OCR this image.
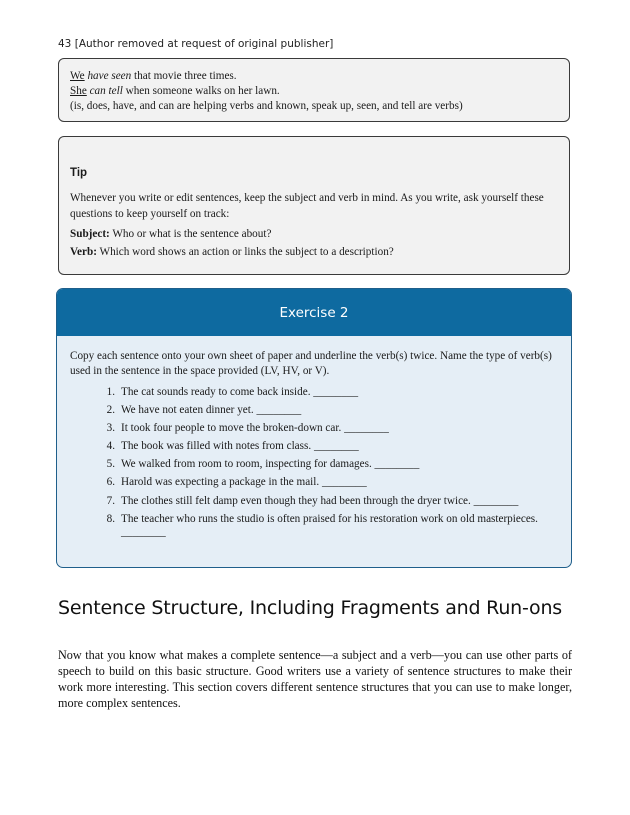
43 [Author removed at request of original publisher]
We have seen that movie three times.
She can tell when someone walks on her lawn.
(is, does, have, and can are helping verbs and known, speak up, seen, and tell are verbs)
Tip
Whenever you write or edit sentences, keep the subject and verb in mind. As you write, ask yourself these questions to keep yourself on track:
Subject: Who or what is the sentence about?
Verb: Which word shows an action or links the subject to a description?
Exercise 2
Copy each sentence onto your own sheet of paper and underline the verb(s) twice. Name the type of verb(s) used in the sentence in the space provided (LV, HV, or V).
1. The cat sounds ready to come back inside. ________
2. We have not eaten dinner yet. ________
3. It took four people to move the broken-down car. ________
4. The book was filled with notes from class. ________
5. We walked from room to room, inspecting for damages. ________
6. Harold was expecting a package in the mail. ________
7. The clothes still felt damp even though they had been through the dryer twice. ________
8. The teacher who runs the studio is often praised for his restoration work on old masterpieces. ________
Sentence Structure, Including Fragments and Run-ons

Now that you know what makes a complete sentence—a subject and a verb—you can use other parts of speech to build on this basic structure. Good writers use a variety of sentence structures to make their work more interesting. This section covers different sentence structures that you can use to make longer, more complex sentences.
